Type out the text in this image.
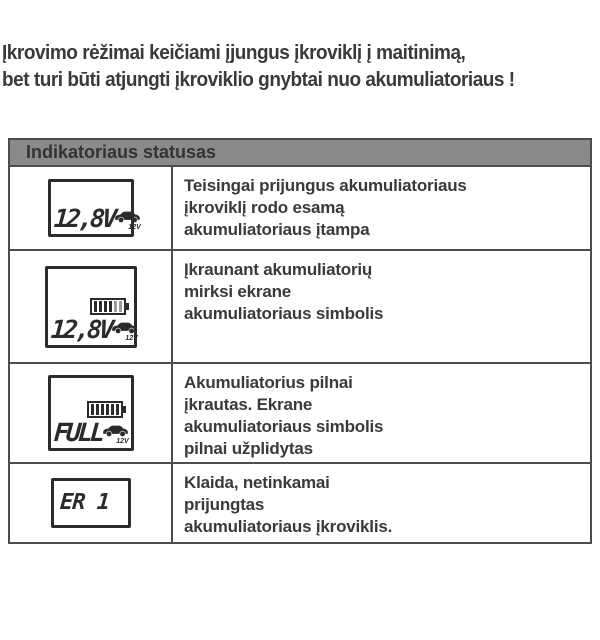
Įkrovimo rėžimai keičiami įjungus įkroviklį į maitinimą,
bet turi būti atjungti įkroviklio gnybtai nuo akumuliatoriaus !
Indikatoriaus statusas
12,8V 12V
Teisingai prijungus akumuliatoriaus
įkroviklį rodo esamą
akumuliatoriaus įtampa
12,8V 12V
Įkraunant akumuliatorių
mirksi ekrane
akumuliatoriaus simbolis
FULL 12V
Akumuliatorius pilnai
įkrautas. Ekrane
akumuliatoriaus simbolis
pilnai užplidytas
ER 1
Klaida, netinkamai
prijungtas
akumuliatoriaus įkroviklis.
